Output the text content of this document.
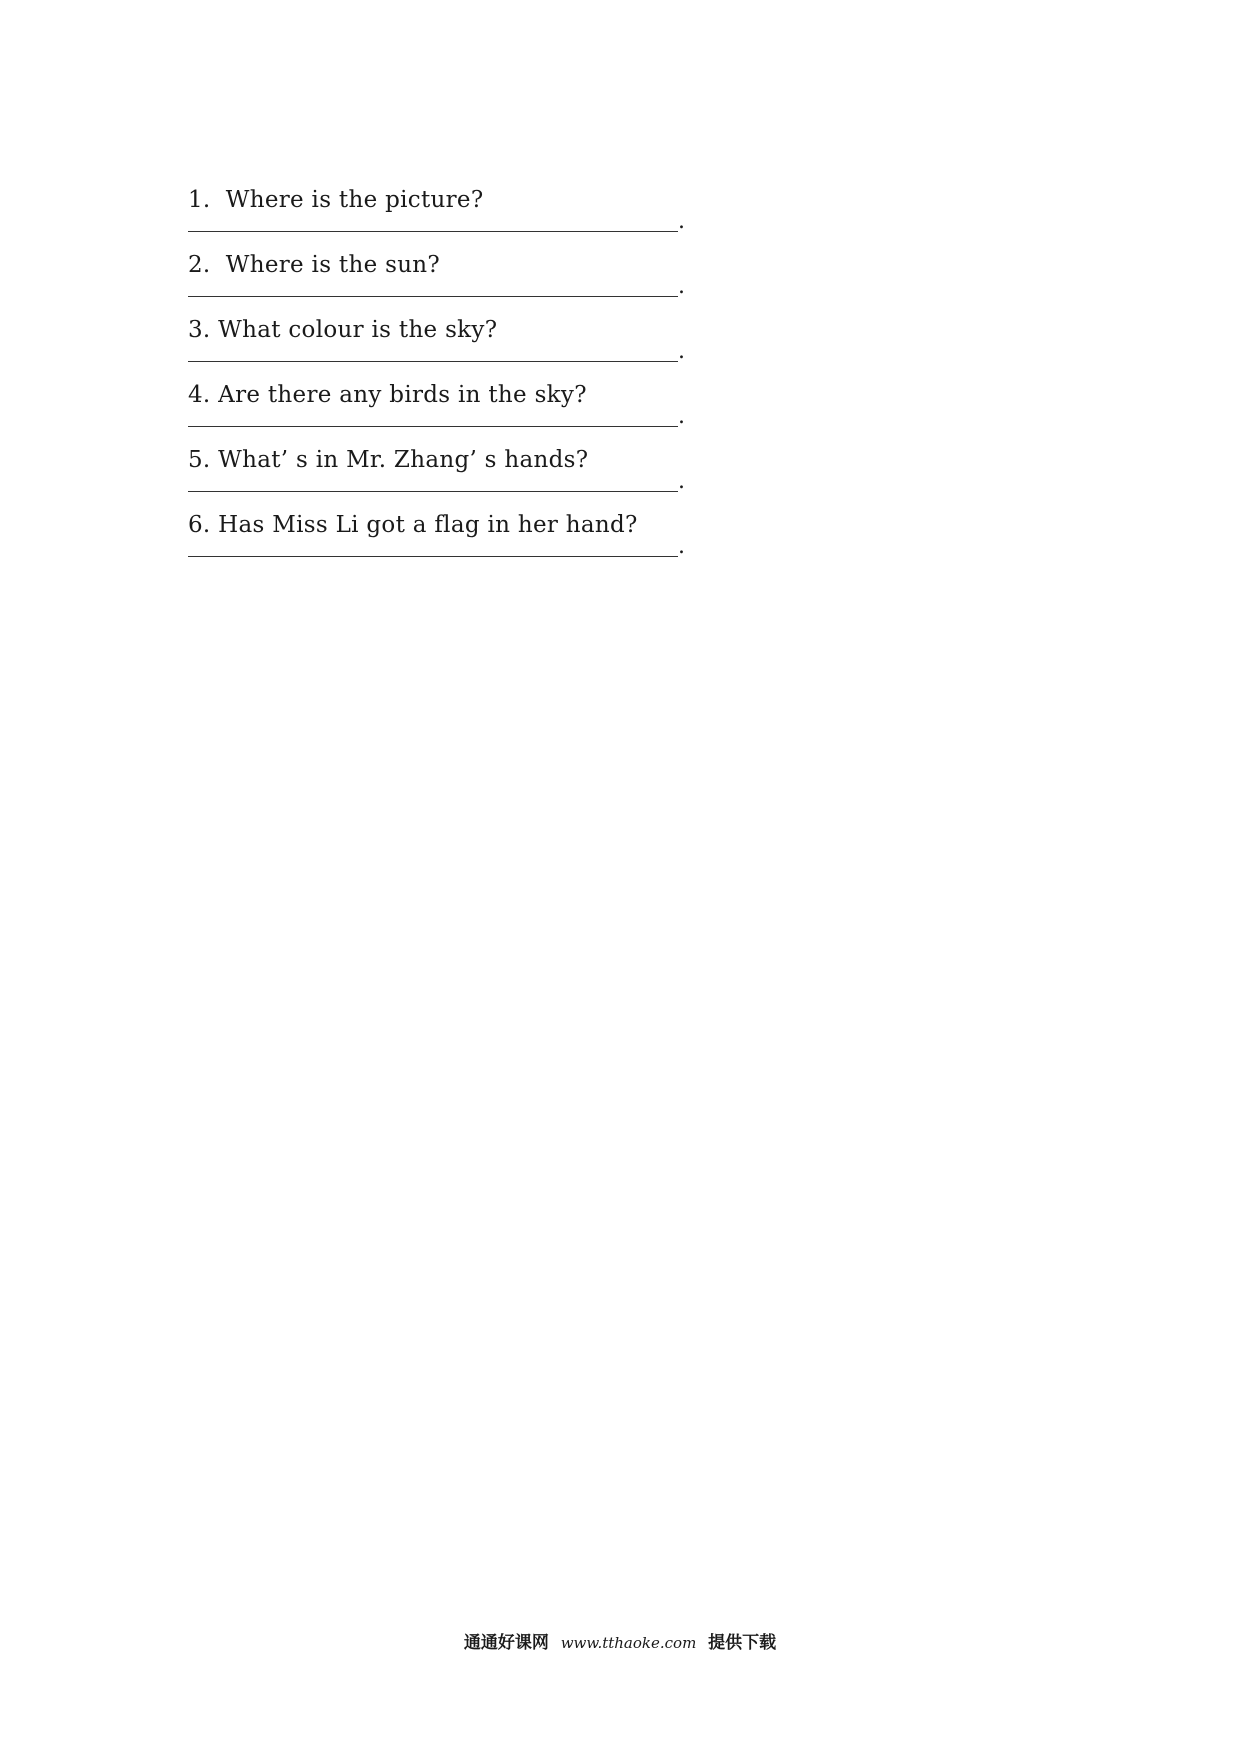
1.  Where is the picture?
.
2.  Where is the sun?
.
3. What colour is the sky?
.
4. Are there any birds in the sky?
.
5. What’ s in Mr. Zhang’ s hands?
.
6. Has Miss Li got a flag in her hand?
.
通通好课网 www.tthaoke.com 提供下载
